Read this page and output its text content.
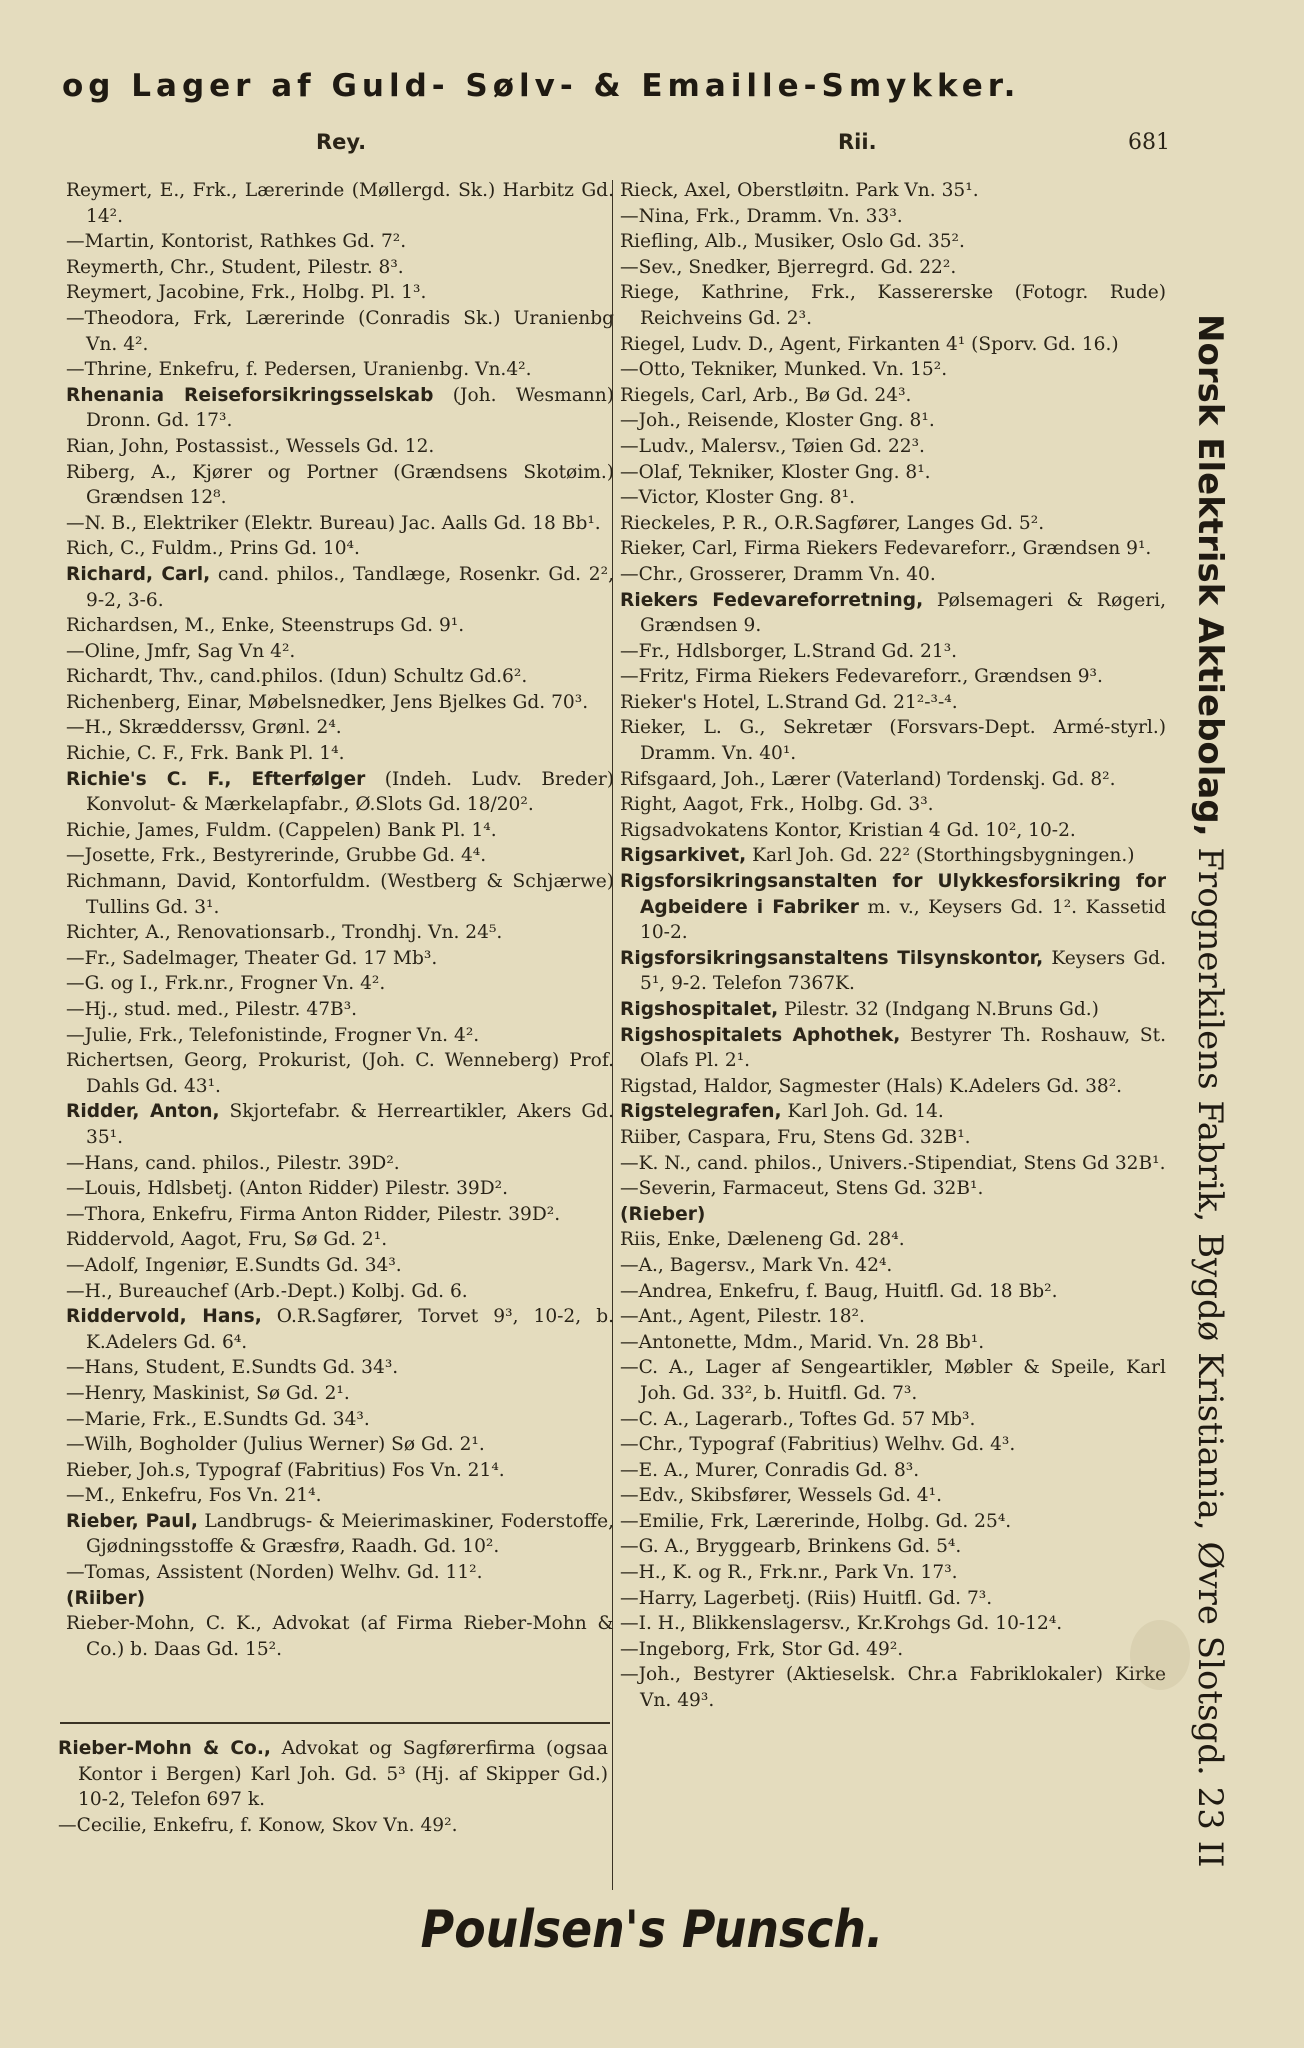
og Lager af Guld- Sølv- & Emaille-Smykker.
Rey.	Rii.	681
Reymert, E., Frk., Lærerinde (Møllergd. Sk.) Harbitz Gd. 14².
—Martin, Kontorist, Rathkes Gd. 7².
Reymerth, Chr., Student, Pilestr. 8³.
Reymert, Jacobine, Frk., Holbg. Pl. 1³.
—Theodora, Frk, Lærerinde (Conradis Sk.) Uranienbg Vn. 4².
—Thrine, Enkefru, f. Pedersen, Uranienbg. Vn.4².
Rhenania Reiseforsikringsselskab (Joh. Wesmann) Dronn. Gd. 17³.
Rian, John, Postassist., Wessels Gd. 12.
Riberg, A., Kjører og Portner (Grændsens Skotøim.) Grændsen 12⁸.
—N. B., Elektriker (Elektr. Bureau) Jac. Aalls Gd. 18 Bb¹.
Rich, C., Fuldm., Prins Gd. 10⁴.
Richard, Carl, cand. philos., Tandlæge, Rosenkr. Gd. 2², 9-2, 3-6.
Richardsen, M., Enke, Steenstrups Gd. 9¹.
—Oline, Jmfr, Sag Vn 4².
Richardt, Thv., cand.philos. (Idun) Schultz Gd.6².
Richenberg, Einar, Møbelsnedker, Jens Bjelkes Gd. 70³.
—H., Skrædderssv, Grønl. 2⁴.
Richie, C. F., Frk. Bank Pl. 1⁴.
Richie's C. F., Efterfølger (Indeh. Ludv. Breder) Konvolut- & Mærkelapfabr., Ø.Slots Gd. 18/20².
Richie, James, Fuldm. (Cappelen) Bank Pl. 1⁴.
—Josette, Frk., Bestyrerinde, Grubbe Gd. 4⁴.
Richmann, David, Kontorfuldm. (Westberg & Schjærwe) Tullins Gd. 3¹.
Richter, A., Renovationsarb., Trondhj. Vn. 24⁵.
—Fr., Sadelmager, Theater Gd. 17 Mb³.
—G. og I., Frk.nr., Frogner Vn. 4².
—Hj., stud. med., Pilestr. 47B³.
—Julie, Frk., Telefonistinde, Frogner Vn. 4².
Richertsen, Georg, Prokurist, (Joh. C. Wenneberg) Prof. Dahls Gd. 43¹.
Ridder, Anton, Skjortefabr. & Herreartikler, Akers Gd. 35¹.
—Hans, cand. philos., Pilestr. 39D².
—Louis, Hdlsbetj. (Anton Ridder) Pilestr. 39D².
—Thora, Enkefru, Firma Anton Ridder, Pilestr. 39D².
Riddervold, Aagot, Fru, Sø Gd. 2¹.
—Adolf, Ingeniør, E.Sundts Gd. 34³.
—H., Bureauchef (Arb.-Dept.) Kolbj. Gd. 6.
Riddervold, Hans, O.R.Sagfører, Torvet 9³, 10-2, b. K.Adelers Gd. 6⁴.
—Hans, Student, E.Sundts Gd. 34³.
—Henry, Maskinist, Sø Gd. 2¹.
—Marie, Frk., E.Sundts Gd. 34³.
—Wilh, Bogholder (Julius Werner) Sø Gd. 2¹.
Rieber, Joh.s, Typograf (Fabritius) Fos Vn. 21⁴.
—M., Enkefru, Fos Vn. 21⁴.
Rieber, Paul, Landbrugs- & Meierimaskiner, Foderstoffe, Gjødningsstoffe & Græsfrø, Raadh. Gd. 10².
—Tomas, Assistent (Norden) Welhv. Gd. 11².
(Riiber)
Rieber-Mohn, C. K., Advokat (af Firma Rieber-Mohn & Co.) b. Daas Gd. 15².
Rieck, Axel, Oberstløitn. Park Vn. 35¹.
—Nina, Frk., Dramm. Vn. 33³.
Riefling, Alb., Musiker, Oslo Gd. 35².
—Sev., Snedker, Bjerregrd. Gd. 22².
Riege, Kathrine, Frk., Kassererske (Fotogr. Rude) Reichveins Gd. 2³.
Riegel, Ludv. D., Agent, Firkanten 4¹ (Sporv. Gd. 16.)
—Otto, Tekniker, Munked. Vn. 15².
Riegels, Carl, Arb., Bø Gd. 24³.
—Joh., Reisende, Kloster Gng. 8¹.
—Ludv., Malersv., Tøien Gd. 22³.
—Olaf, Tekniker, Kloster Gng. 8¹.
—Victor, Kloster Gng. 8¹.
Rieckeles, P. R., O.R.Sagfører, Langes Gd. 5².
Rieker, Carl, Firma Riekers Fedevareforr., Grændsen 9¹.
—Chr., Grosserer, Dramm Vn. 40.
Riekers Fedevareforretning, Pølsemageri & Røgeri, Grændsen 9.
—Fr., Hdlsborger, L.Strand Gd. 21³.
—Fritz, Firma Riekers Fedevareforr., Grændsen 9³.
Rieker's Hotel, L.Strand Gd. 21²-³-⁴.
Rieker, L. G., Sekretær (Forsvars-Dept. Armé-styrl.) Dramm. Vn. 40¹.
Rifsgaard, Joh., Lærer (Vaterland) Tordenskj. Gd. 8².
Right, Aagot, Frk., Holbg. Gd. 3³.
Rigsadvokatens Kontor, Kristian 4 Gd. 10², 10-2.
Rigsarkivet, Karl Joh. Gd. 22² (Storthingsbygningen.)
Rigsforsikringsanstalten for Ulykkesforsikring for Agbeidere i Fabriker m. v., Keysers Gd. 1². Kassetid 10-2.
Rigsforsikringsanstaltens Tilsynskontor, Keysers Gd. 5¹, 9-2. Telefon 7367K.
Rigshospitalet, Pilestr. 32 (Indgang N.Bruns Gd.)
Rigshospitalets Aphothek, Bestyrer Th. Roshauw, St. Olafs Pl. 2¹.
Rigstad, Haldor, Sagmester (Hals) K.Adelers Gd. 38².
Rigstelegrafen, Karl Joh. Gd. 14.
Riiber, Caspara, Fru, Stens Gd. 32B¹.
—K. N., cand. philos., Univers.-Stipendiat, Stens Gd 32B¹.
—Severin, Farmaceut, Stens Gd. 32B¹.
(Rieber)
Riis, Enke, Dæleneng Gd. 28⁴.
—A., Bagersv., Mark Vn. 42⁴.
—Andrea, Enkefru, f. Baug, Huitfl. Gd. 18 Bb².
—Ant., Agent, Pilestr. 18².
—Antonette, Mdm., Marid. Vn. 28 Bb¹.
—C. A., Lager af Sengeartikler, Møbler & Speile, Karl Joh. Gd. 33², b. Huitfl. Gd. 7³.
—C. A., Lagerarb., Toftes Gd. 57 Mb³.
—Chr., Typograf (Fabritius) Welhv. Gd. 4³.
—E. A., Murer, Conradis Gd. 8³.
—Edv., Skibsfører, Wessels Gd. 4¹.
—Emilie, Frk, Lærerinde, Holbg. Gd. 25⁴.
—G. A., Bryggearb, Brinkens Gd. 5⁴.
—H., K. og R., Frk.nr., Park Vn. 17³.
—Harry, Lagerbetj. (Riis) Huitfl. Gd. 7³.
—I. H., Blikkenslagersv., Kr.Krohgs Gd. 10-12⁴.
—Ingeborg, Frk, Stor Gd. 49².
—Joh., Bestyrer (Aktieselsk. Chr.a Fabriklokaler) Kirke Vn. 49³.
Rieber-Mohn & Co., Advokat og Sagførerfirma (ogsaa Kontor i Bergen) Karl Joh. Gd. 5³ (Hj. af Skipper Gd.) 10-2, Telefon 697 k.
—Cecilie, Enkefru, f. Konow, Skov Vn. 49².
Norsk Elektrisk Aktiebolag, Frognerkilens Fabrik, Bygdø Kristiania, Øvre Slotsgd. 23 II
Poulsen's Punsch.
